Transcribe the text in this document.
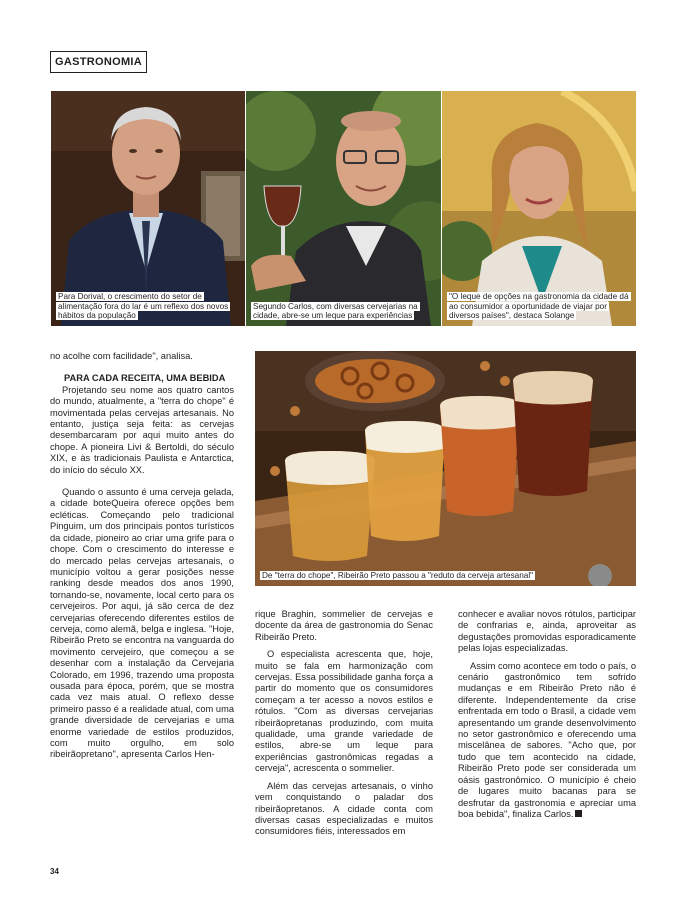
GASTRONOMIA
Para Dorival, o crescimento do setor de alimentação fora do lar é um reflexo dos novos hábitos da população
Segundo Carlos, com diversas cervejarias na cidade, abre-se um leque para experiências
"O leque de opções na gastronomia da cidade dá ao consumidor a oportunidade de viajar por diversos países", destaca Solange
De "terra do chope", Ribeirão Preto passou a "reduto da cerveja artesanal"

no acolhe com facilidade", analisa.

PARA CADA RECEITA, UMA BEBIDA

Projetando seu nome aos quatro cantos do mundo, atualmente, a "terra do chope" é movimentada pelas cervejas artesanais. No entanto, justiça seja feita: as cervejas desembarcaram por aqui muito antes do chope. A pioneira Livi & Bertoldi, do século XIX, e às tradicionais Paulista e Antarctica, do início do século XX.

Quando o assunto é uma cerveja gelada, a cidade boteQueira oferece opções bem ecléticas. Começando pelo tradicional Pinguim, um dos principais pontos turísticos da cidade, pioneiro ao criar uma grife para o chope. Com o crescimento do interesse e do mercado pelas cervejas artesanais, o município voltou a gerar posições nesse ranking desde meados dos anos 1990, tornando-se, novamente, local certo para os cervejeiros. Por aqui, já são cerca de dez cervejarias oferecendo diferentes estilos de cerveja, como alemã, belga e inglesa. "Hoje, Ribeirão Preto se encontra na vanguarda do movimento cervejeiro, que começou a se desenhar com a instalação da Cervejaria Colorado, em 1996, trazendo uma proposta ousada para época, porém, que se mostra cada vez mais atual. O reflexo desse primeiro passo é a realidade atual, com uma grande diversidade de cervejarias e uma enorme variedade de estilos produzidos, com muito orgulho, em solo ribeirãopretano", apresenta Carlos Hen-

rique Braghin, sommelier de cervejas e docente da área de gastronomia do Senac Ribeirão Preto.

O especialista acrescenta que, hoje, muito se fala em harmonização com cervejas. Essa possibilidade ganha força a partir do momento que os consumidores começam a ter acesso a novos estilos e rótulos. "Com as diversas cervejarias ribeirãopretanas produzindo, com muita qualidade, uma grande variedade de estilos, abre-se um leque para experiências gastronômicas regadas a cerveja", acrescenta o sommelier.

Além das cervejas artesanais, o vinho vem conquistando o paladar dos ribeirãopretanos. A cidade conta com diversas casas especializadas e muitos consumidores fiéis, interessados em

conhecer e avaliar novos rótulos, participar de confrarias e, ainda, aproveitar as degustações promovidas esporadicamente pelas lojas especializadas.

Assim como acontece em todo o país, o cenário gastronômico tem sofrido mudanças e em Ribeirão Preto não é diferente. Independentemente da crise enfrentada em todo o Brasil, a cidade vem apresentando um grande desenvolvimento no setor gastronômico e oferecendo uma miscelânea de sabores. "Acho que, por tudo que tem acontecido na cidade, Ribeirão Preto pode ser considerada um oásis gastronômico. O município é cheio de lugares muito bacanas para se desfrutar da gastronomia e apreciar uma boa bebida", finaliza Carlos.

34
